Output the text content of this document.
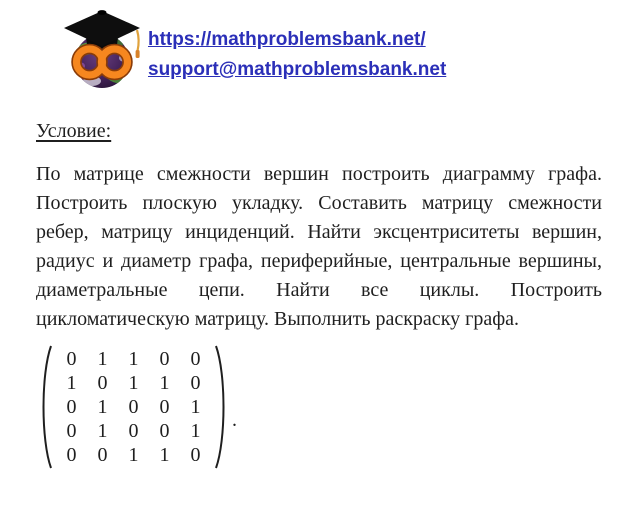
https://mathproblemsbank.net/
support@mathproblemsbank.net
Условие:
По матрице смежности вершин построить диаграмму графа. Построить плоскую укладку. Составить матрицу смежности ребер, матрицу инциденций. Найти эксцентриситеты вершин, радиус и диаметр графа, периферийные, центральные вершины, диаметральные цепи. Найти все циклы. Построить цикломатическую матрицу. Выполнить раскраску графа.
0	1	1	0	0
1	0	1	1	0
0	1	0	0	1
0	1	0	0	1
0	0	1	1	0
.
